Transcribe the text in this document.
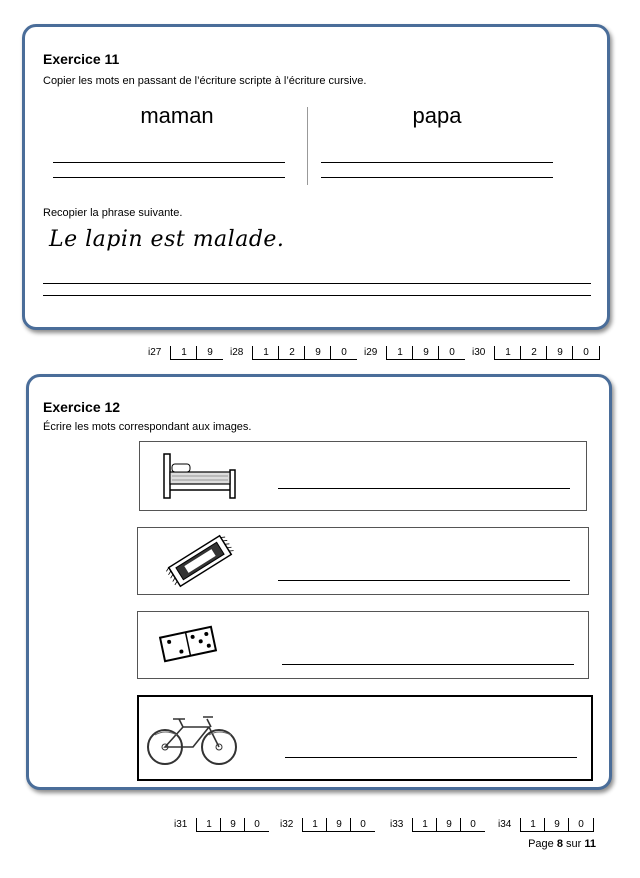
Exercice 11
Copier les mots en passant de l’écriture scripte à l’écriture cursive.
maman	papa
Recopier la phrase suivante.
Le lapin est malade.
i27	1	9	i28	1	2	9	0	i29	1	9	0	i30	1	2	9	0
Exercice 12
Écrire les mots correspondant aux images.
i31	1	9	0	i32	1	9	0	i33	1	9	0	i34	1	9	0
Page 8 sur 11
